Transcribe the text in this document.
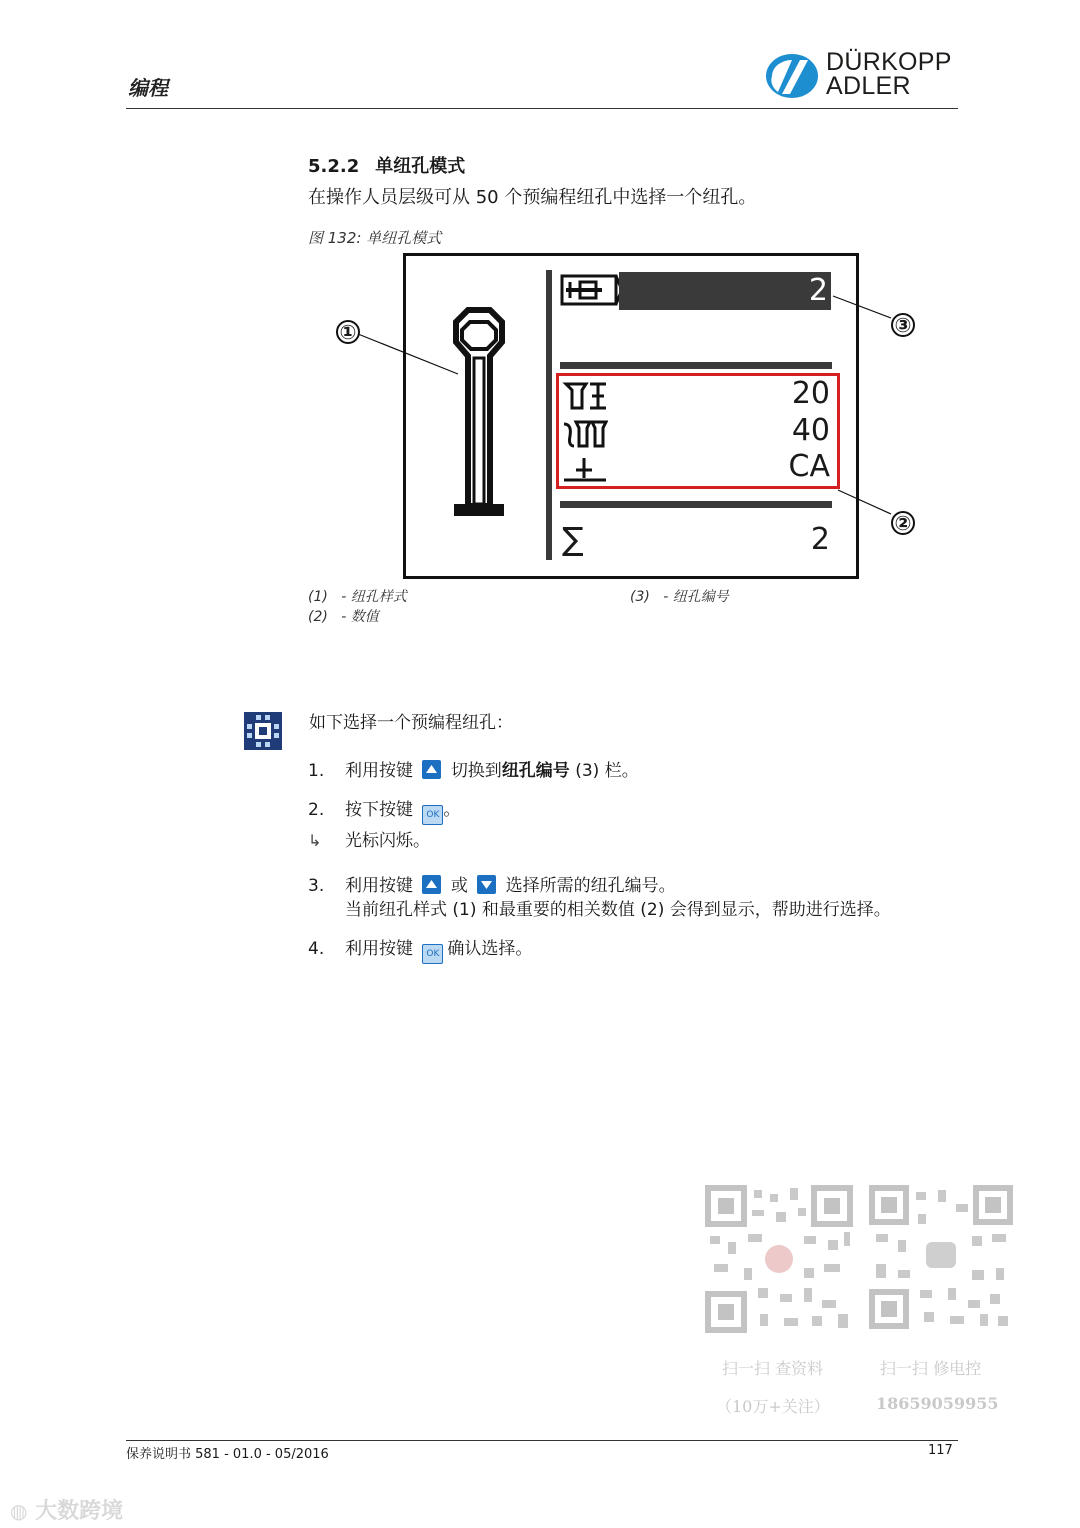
编程
DÜRKOPP
ADLER
5.2.2 单纽孔模式
在操作人员层级可从 50 个预编程纽孔中选择一个纽孔。
图 132: 单纽孔模式
2
20
40
CA
∑	2
①	③
②
(1) - 纽孔样式
(2) - 数值
(3) - 纽孔编号
如下选择一个预编程纽孔：
1. 利用按键 切换到纽孔编号 (3) 栏。
2. 按下按键 OK 。
↳ 光标闪烁。
3. 利用按键 或 选择所需的纽孔编号。
当前纽孔样式 (1) 和最重要的相关数值 (2) 会得到显示，帮助进行选择。
4. 利用按键 OK 确认选择。
扫一扫 查资料
（10万+关注）
扫一扫 修电控
18659059955
保养说明书 581 - 01.0 - 05/2016	117
◍ 大数跨境
